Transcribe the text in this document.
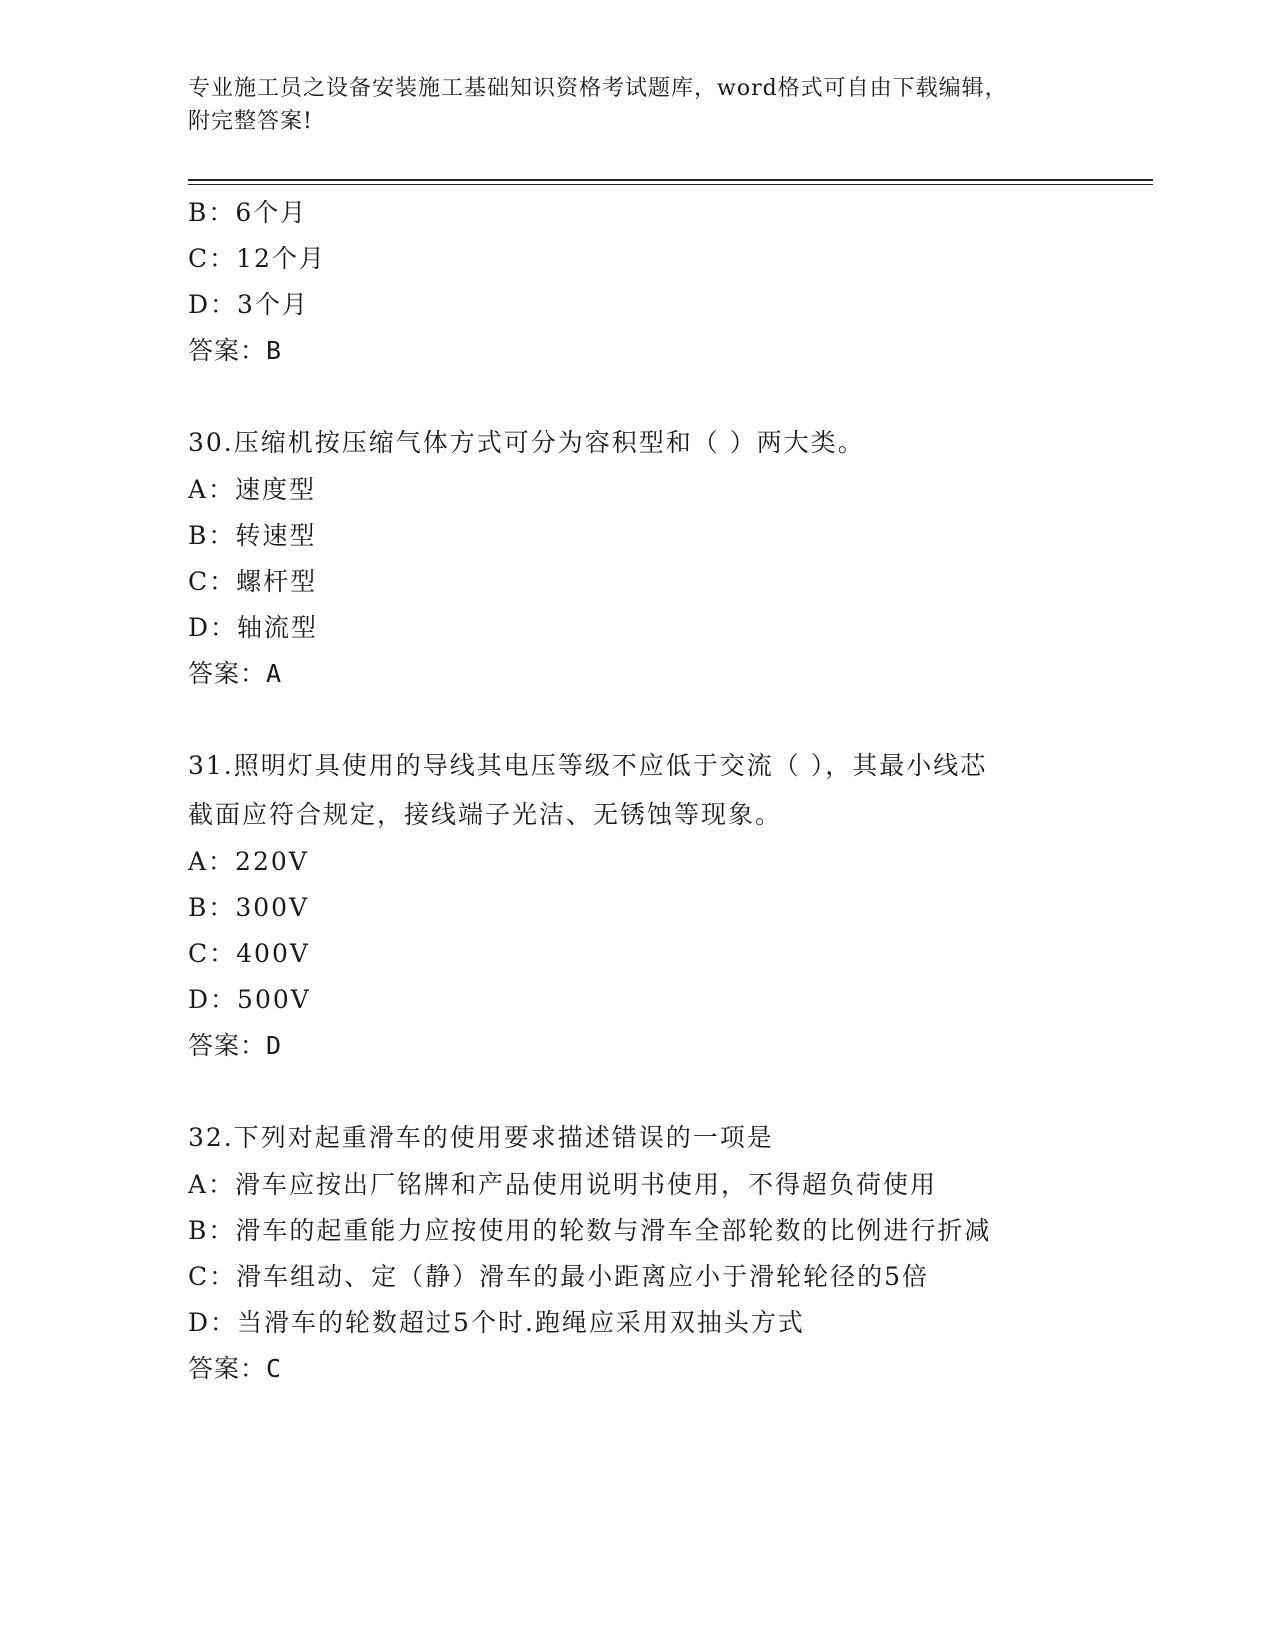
专业施工员之设备安装施工基础知识资格考试题库，word格式可自由下载编辑，
附完整答案!
B：6个月
C：12个月
D：3个月
答案：B
30.压缩机按压缩气体方式可分为容积型和（ ）两大类。
A：速度型
B：转速型
C：螺杆型
D：轴流型
答案：A
31.照明灯具使用的导线其电压等级不应低于交流（ ），其最小线芯
截面应符合规定，接线端子光洁、无锈蚀等现象。
A：220V
B：300V
C：400V
D：500V
答案：D
32.下列对起重滑车的使用要求描述错误的一项是
A：滑车应按出厂铭牌和产品使用说明书使用，不得超负荷使用
B：滑车的起重能力应按使用的轮数与滑车全部轮数的比例进行折减
C：滑车组动、定（静）滑车的最小距离应小于滑轮轮径的5倍
D：当滑车的轮数超过5个时.跑绳应采用双抽头方式
答案：C
